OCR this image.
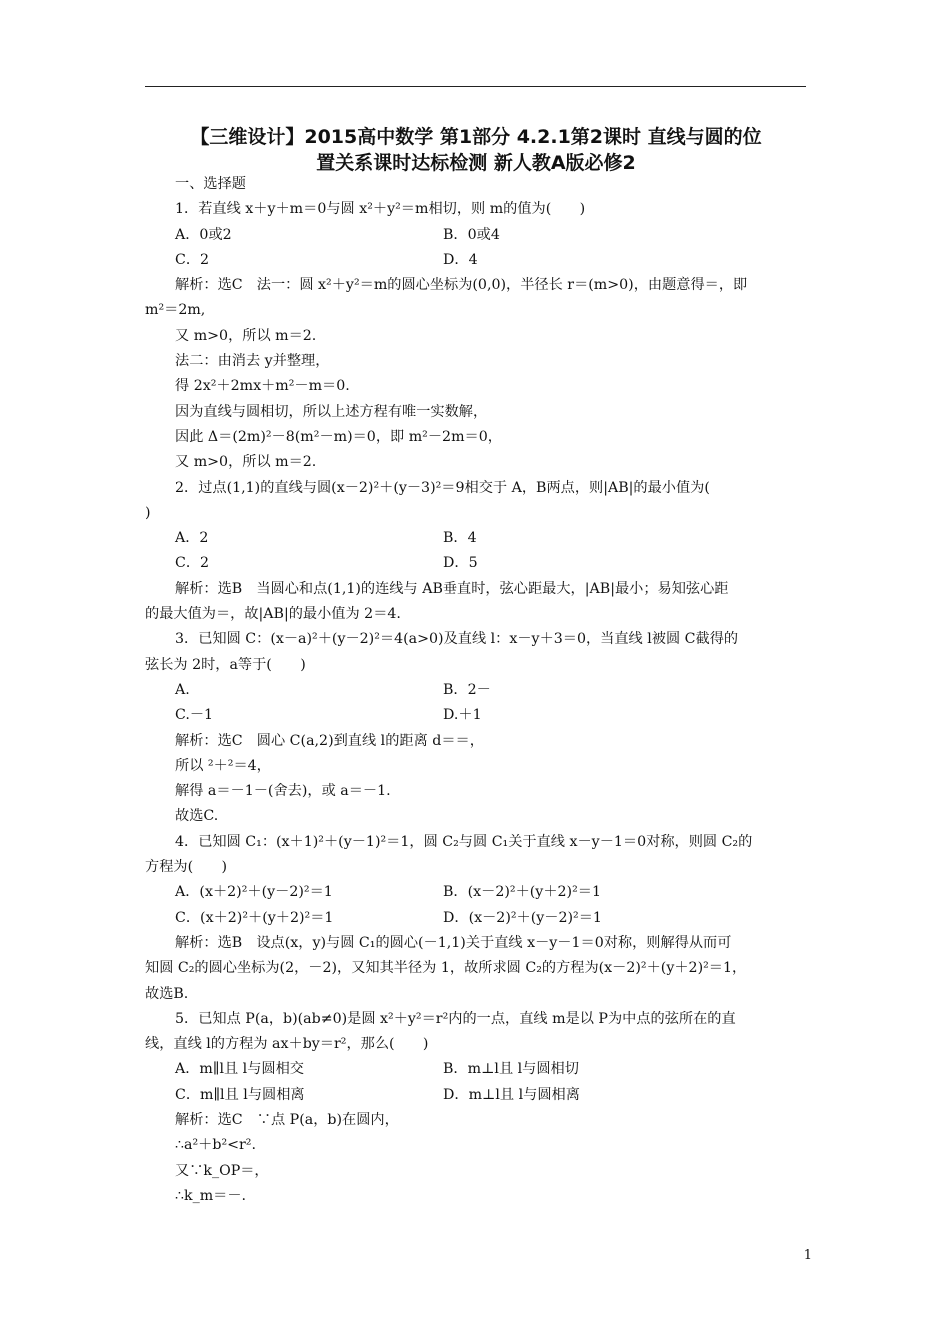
【三维设计】2015高中数学 第1部分 4.2.1第2课时 直线与圆的位
置关系课时达标检测 新人教A版必修2
一、选择题
1．若直线 x＋y＋m＝0与圆 x²＋y²＝m相切，则 m的值为(　　)
A．0或2	B．0或4
C．2	D．4
解析：选C　法一：圆 x²＋y²＝m的圆心坐标为(0,0)，半径长 r＝(m>0)，由题意得＝，即
m²＝2m,
又 m>0，所以 m＝2.
法二：由消去 y并整理，
得 2x²＋2mx＋m²－m＝0.
因为直线与圆相切，所以上述方程有唯一实数解，
因此 Δ＝(2m)²－8(m²－m)＝0，即 m²－2m＝0，
又 m>0，所以 m＝2.
2．过点(1,1)的直线与圆(x－2)²＋(y－3)²＝9相交于 A，B两点，则|AB|的最小值为(
)
A．2	B．4
C．2	D．5
解析：选B　当圆心和点(1,1)的连线与 AB垂直时，弦心距最大，|AB|最小；易知弦心距
的最大值为＝，故|AB|的最小值为 2＝4.
3．已知圆 C：(x－a)²＋(y－2)²＝4(a>0)及直线 l：x－y＋3＝0，当直线 l被圆 C截得的
弦长为 2时，a等于(　　)
A.	B．2－
C.－1	D.＋1
解析：选C　圆心 C(a,2)到直线 l的距离 d＝＝，
所以 ²＋²＝4，
解得 a＝－1－(舍去)，或 a＝－1.
故选C.
4．已知圆 C₁：(x＋1)²＋(y－1)²＝1，圆 C₂与圆 C₁关于直线 x－y－1＝0对称，则圆 C₂的
方程为(　　)
A．(x＋2)²＋(y－2)²＝1	B．(x－2)²＋(y＋2)²＝1
C．(x＋2)²＋(y＋2)²＝1	D．(x－2)²＋(y－2)²＝1
解析：选B　设点(x，y)与圆 C₁的圆心(－1,1)关于直线 x－y－1＝0对称，则解得从而可
知圆 C₂的圆心坐标为(2，－2)，又知其半径为 1，故所求圆 C₂的方程为(x－2)²＋(y＋2)²＝1，
故选B.
5．已知点 P(a，b)(ab≠0)是圆 x²＋y²＝r²内的一点，直线 m是以 P为中点的弦所在的直
线，直线 l的方程为 ax＋by＝r²，那么(　　)
A．m∥l且 l与圆相交	B．m⊥l且 l与圆相切
C．m∥l且 l与圆相离	D．m⊥l且 l与圆相离
解析：选C　∵点 P(a，b)在圆内，
∴a²＋b²<r².
又∵k_OP＝，
∴k_m＝－.
1
